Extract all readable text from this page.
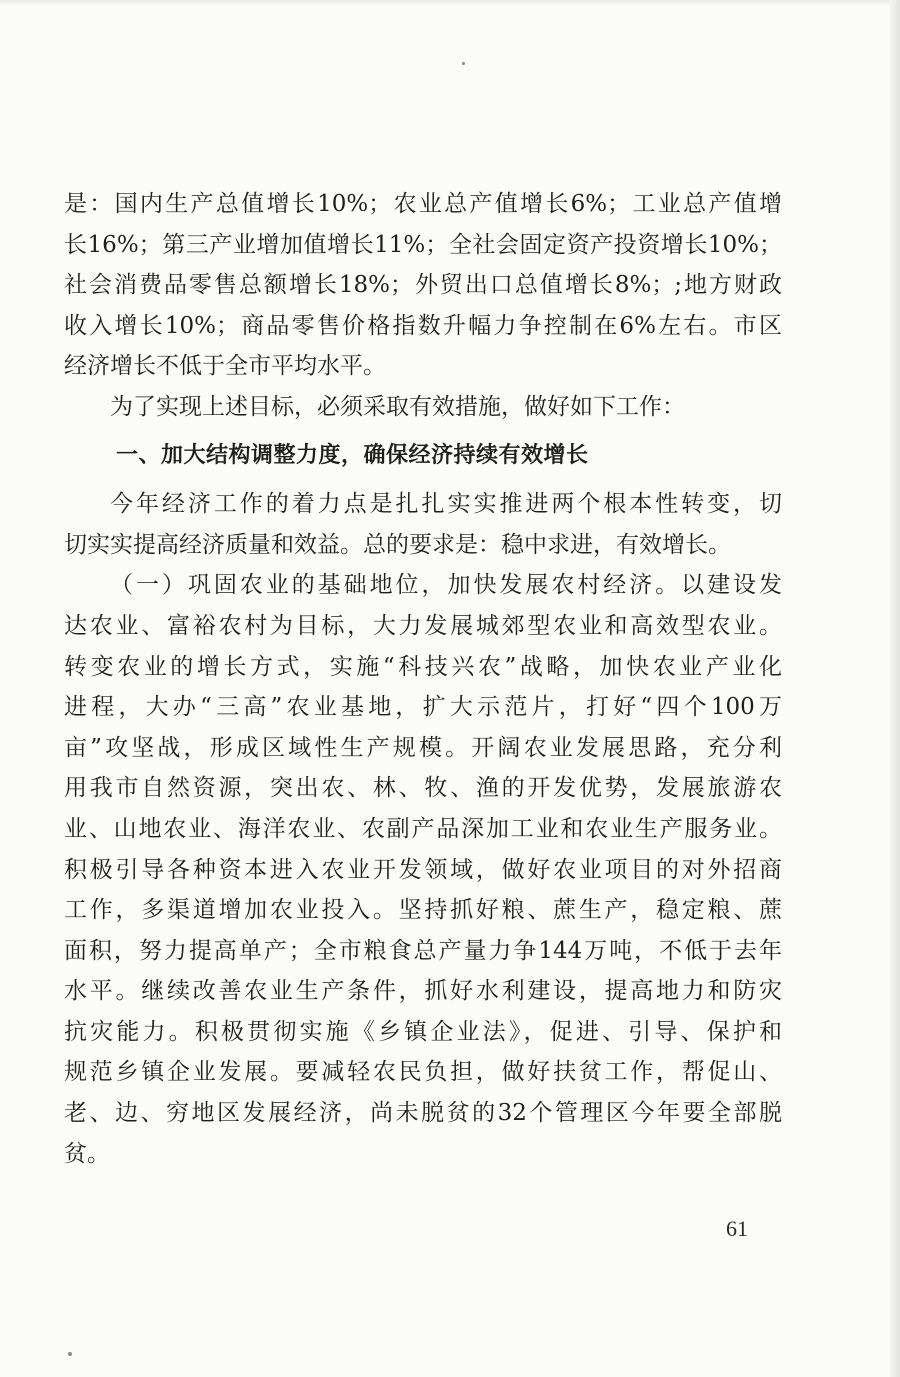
是：国内生产总值增长10%；农业总产值增长6%；工业总产值增
长16%；第三产业增加值增长11%；全社会固定资产投资增长10%；
社会消费品零售总额增长18%；外贸出口总值增长8%；;地方财政
收入增长10%；商品零售价格指数升幅力争控制在6%左右。市区
经济增长不低于全市平均水平。
为了实现上述目标，必须采取有效措施，做好如下工作：
一、加大结构调整力度，确保经济持续有效增长
今年经济工作的着力点是扎扎实实推进两个根本性转变，切
切实实提高经济质量和效益。总的要求是：稳中求进，有效增长。
（一）巩固农业的基础地位，加快发展农村经济。以建设发
达农业、富裕农村为目标，大力发展城郊型农业和高效型农业。
转变农业的增长方式，实施“科技兴农”战略，加快农业产业化
进程，大办“三高”农业基地，扩大示范片，打好“四个100万
亩”攻坚战，形成区域性生产规模。开阔农业发展思路，充分利
用我市自然资源，突出农、林、牧、渔的开发优势，发展旅游农
业、山地农业、海洋农业、农副产品深加工业和农业生产服务业。
积极引导各种资本进入农业开发领域，做好农业项目的对外招商
工作，多渠道增加农业投入。坚持抓好粮、蔗生产，稳定粮、蔗
面积，努力提高单产；全市粮食总产量力争144万吨，不低于去年
水平。继续改善农业生产条件，抓好水利建设，提高地力和防灾
抗灾能力。积极贯彻实施《乡镇企业法》，促进、引导、保护和
规范乡镇企业发展。要减轻农民负担，做好扶贫工作，帮促山、
老、边、穷地区发展经济，尚未脱贫的32个管理区今年要全部脱
贫。
61
